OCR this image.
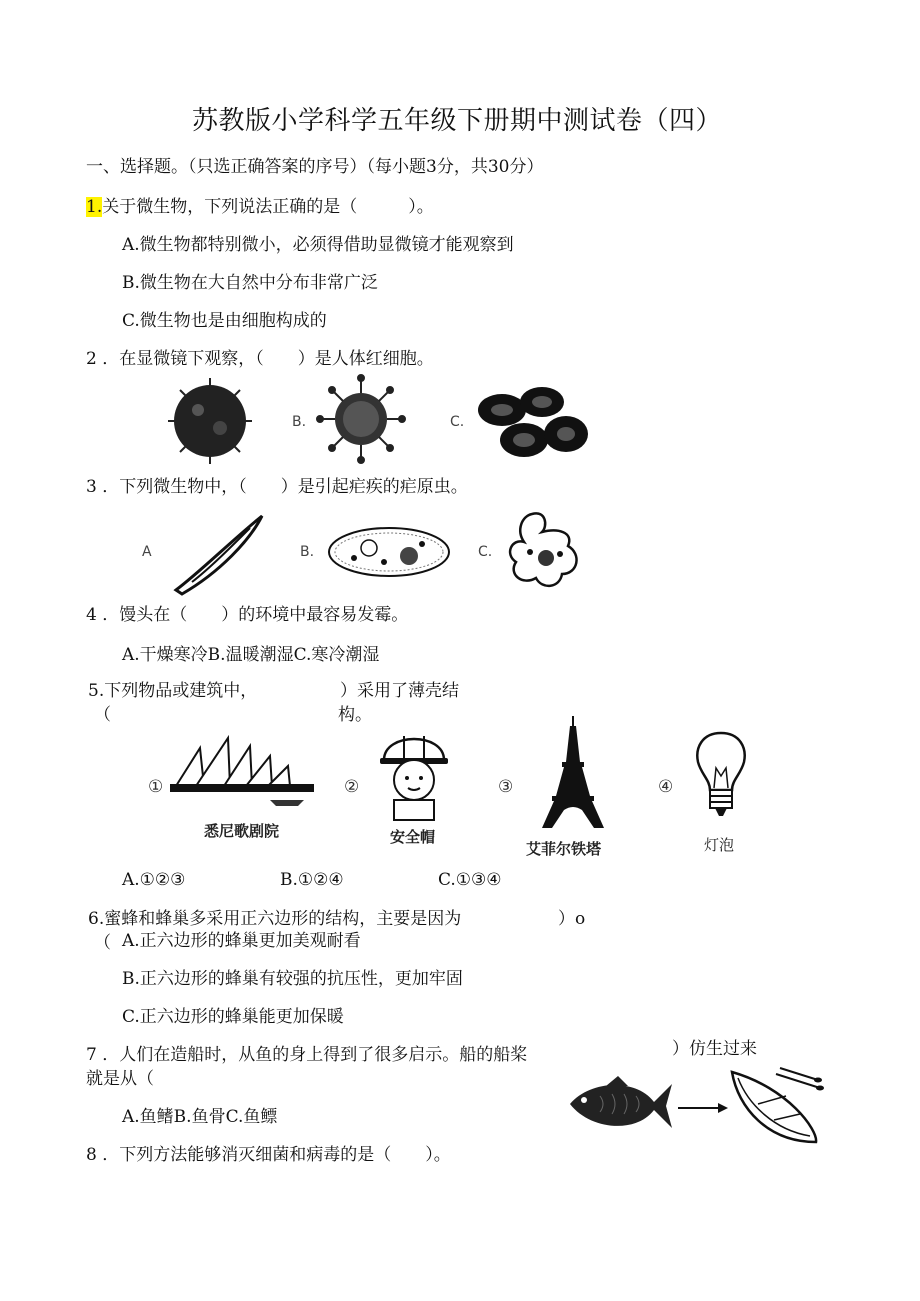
苏教版小学科学五年级下册期中测试卷（四）
一、选择题。（只选正确答案的序号）（每小题3分，共30分）
1.关于微生物，下列说法正确的是（　　　）。
A.微生物都特别微小，必须得借助显微镜才能观察到
B.微生物在大自然中分布非常广泛
C.微生物也是由细胞构成的
2 ．在显微镜下观察，（　　）是人体红细胞。
B.	C.
3 ．下列微生物中，（　　）是引起疟疾的疟原虫。
A	B.	C.
4 ．馒头在（　　）的环境中最容易发霉。
A.干燥寒冷B.温暖潮湿C.寒冷潮湿
5.下列物品或建筑中，	）采用了薄壳结
（	构。
①
悉尼歌剧院
②
安全帽
③
艾菲尔铁塔
④
灯泡
A.①②③	B.①②④	C.①③④
6.蜜蜂和蜂巢多采用正六边形的结构，主要是因为	）o
（ A.正六边形的蜂巢更加美观耐看
B.正六边形的蜂巢有较强的抗压性，更加牢固
C.正六边形的蜂巢能更加保暖
7 ．人们在造船时，从鱼的身上得到了很多启示。船的船桨	）仿生过来
就是从（
A.鱼鳍B.鱼骨C.鱼鳔
8 ．下列方法能够消灭细菌和病毒的是（　　）。
